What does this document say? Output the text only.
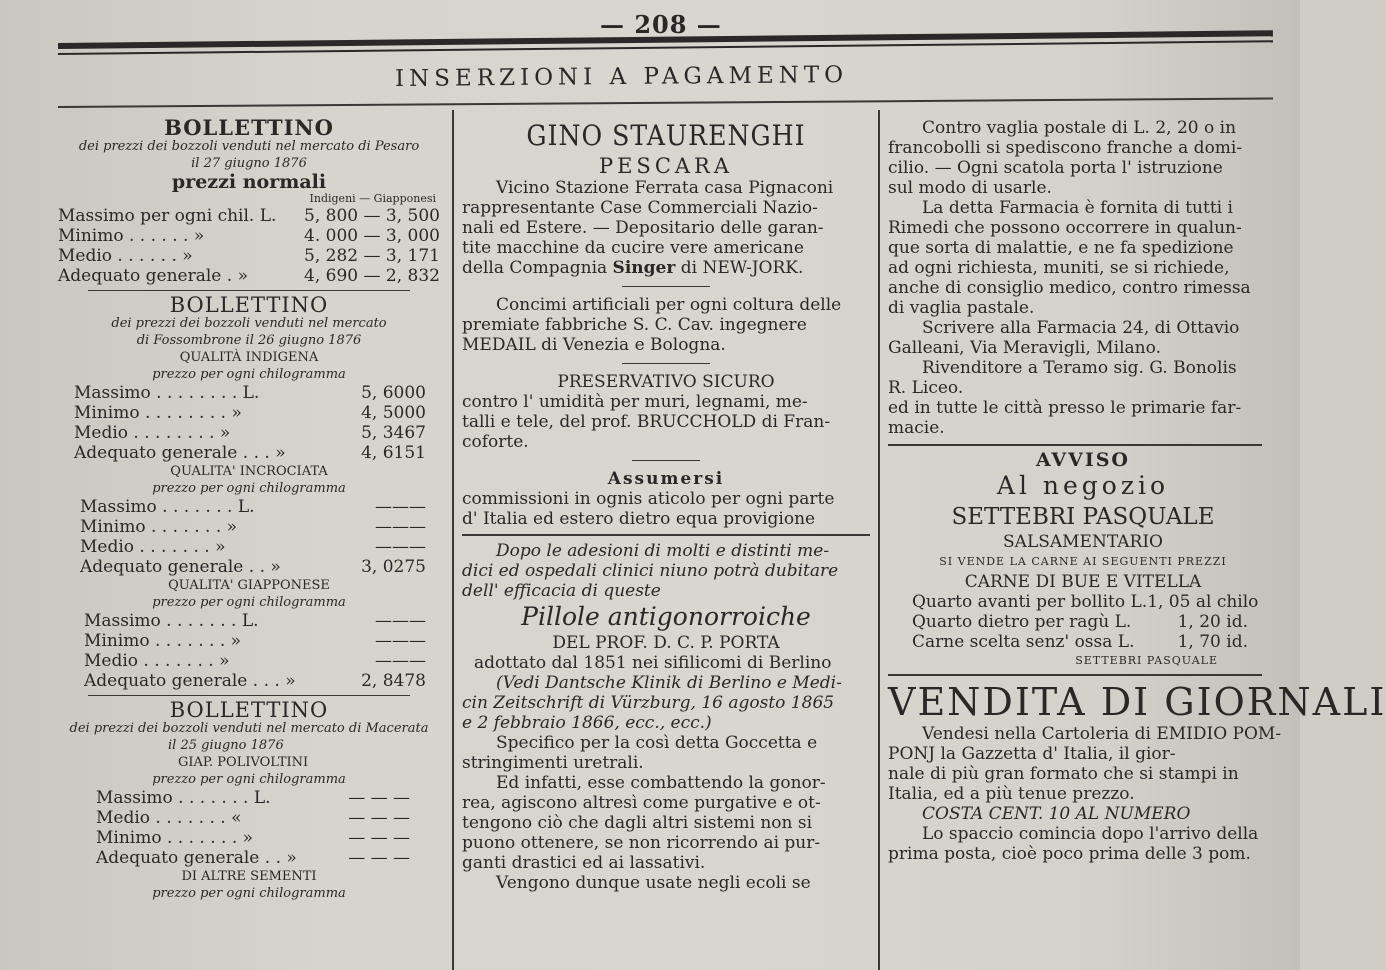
— 208 —
INSERZIONI A PAGAMENTO
BOLLETTINO
dei prezzi dei bozzoli venduti nel mercato di Pesaro
il 27 giugno 1876
prezzi normali
Indigeni — Giapponesi
Massimo per ogni chil. L. 5, 800 — 3, 500
Minimo . . . . . . »	4. 000 — 3, 000
Medio . . . . . . »	5, 282 — 3, 171
Adequato generale . »	4, 690 — 2, 832
BOLLETTINO
dei prezzi dei bozzoli venduti nel mercato
di Fossombrone il 26 giugno 1876
QUALITÀ INDIGENA
prezzo per ogni chilogramma
Massimo . . . . . . . . L.	5, 6000
Minimo . . . . . . . . »	4, 5000
Medio . . . . . . . . »	5, 3467
Adequato generale . . . »	4, 6151
QUALITA' INCROCIATA
prezzo per ogni chilogramma
Massimo . . . . . . . L.	———
Minimo . . . . . . . »	———
Medio . . . . . . . »	———
Adequato generale . . »	3, 0275
QUALITA' GIAPPONESE
prezzo per ogni chilogramma
Massimo . . . . . . . L.	———
Minimo . . . . . . . »	———
Medio . . . . . . . »	———
Adequato generale . . . »	2, 8478
BOLLETTINO
dei prezzi dei bozzoli venduti nel mercato di Macerata
il 25 giugno 1876
GIAP. POLIVOLTINI
prezzo per ogni chilogramma
Massimo . . . . . . . L.	— — —
Medio . . . . . . . «	— — —
Minimo . . . . . . . »	— — —
Adequato generale . . »	— — —
DI ALTRE SEMENTI
prezzo per ogni chilogramma
GINO STAURENGHI
PESCARA
Vicino Stazione Ferrata casa Pignaconi
rappresentante Case Commerciali Nazio-
nali ed Estere. — Depositario delle garan-
tite macchine da cucire vere americane
della Compagnia Singer di NEW-JORK.
Concimi artificiali per ogni coltura delle
premiate fabbriche S. C. Cav. ingegnere
MEDAIL di Venezia e Bologna.
PRESERVATIVO SICURO
contro l' umidità per muri, legnami, me-
talli e tele, del prof. BRUCCHOLD di Fran-
coforte.
Assumersi
commissioni in ognis aticolo per ogni parte
d' Italia ed estero dietro equa provigione
Dopo le adesioni di molti e distinti me-
dici ed ospedali clinici niuno potrà dubitare
dell' efficacia di queste
Pillole antigonorroiche
DEL PROF. D. C. P. PORTA
adottato dal 1851 nei sifilicomi di Berlino
(Vedi Dantsche Klinik di Berlino e Medi-
cin Zeitschrift di Vürzburg, 16 agosto 1865
e 2 febbraio 1866, ecc., ecc.)
Specifico per la così detta Goccetta e
stringimenti uretrali.
Ed infatti, esse combattendo la gonor-
rea, agiscono altresì come purgative e ot-
tengono ciò che dagli altri sistemi non si
puono ottenere, se non ricorrendo ai pur-
ganti drastici ed ai lassativi.
Vengono dunque usate negli ecoli se
Contro vaglia postale di L. 2, 20 o in
francobolli si spediscono franche a domi-
cilio. — Ogni scatola porta l' istruzione
sul modo di usarle.
La detta Farmacia è fornita di tutti i
Rimedi che possono occorrere in qualun-
que sorta di malattie, e ne fa spedizione
ad ogni richiesta, muniti, se si richiede,
anche di consiglio medico, contro rimessa
di vaglia pastale.
Scrivere alla Farmacia 24, di Ottavio
Galleani, Via Meravigli, Milano.
Rivenditore a Teramo sig. G. Bonolis
R. Liceo.
ed in tutte le città presso le primarie far-
macie.
AVVISO
Al negozio
SETTEBRI PASQUALE
SALSAMENTARIO
SI VENDE LA CARNE AI SEGUENTI PREZZI
CARNE DI BUE E VITELLA
Quarto avanti per bollito L. 1, 05 al chilo
Quarto dietro per ragù L.	1, 20 id.
Carne scelta senz' ossa L.	1, 70 id.
SETTEBRI PASQUALE
VENDITA DI GIORNALI
Vendesi nella Cartoleria di EMIDIO POM-
PONJ la Gazzetta d' Italia, il gior-
nale di più gran formato che si stampi in
Italia, ed a più tenue prezzo.
COSTA CENT. 10 AL NUMERO
Lo spaccio comincia dopo l'arrivo della
prima posta, cioè poco prima delle 3 pom.
